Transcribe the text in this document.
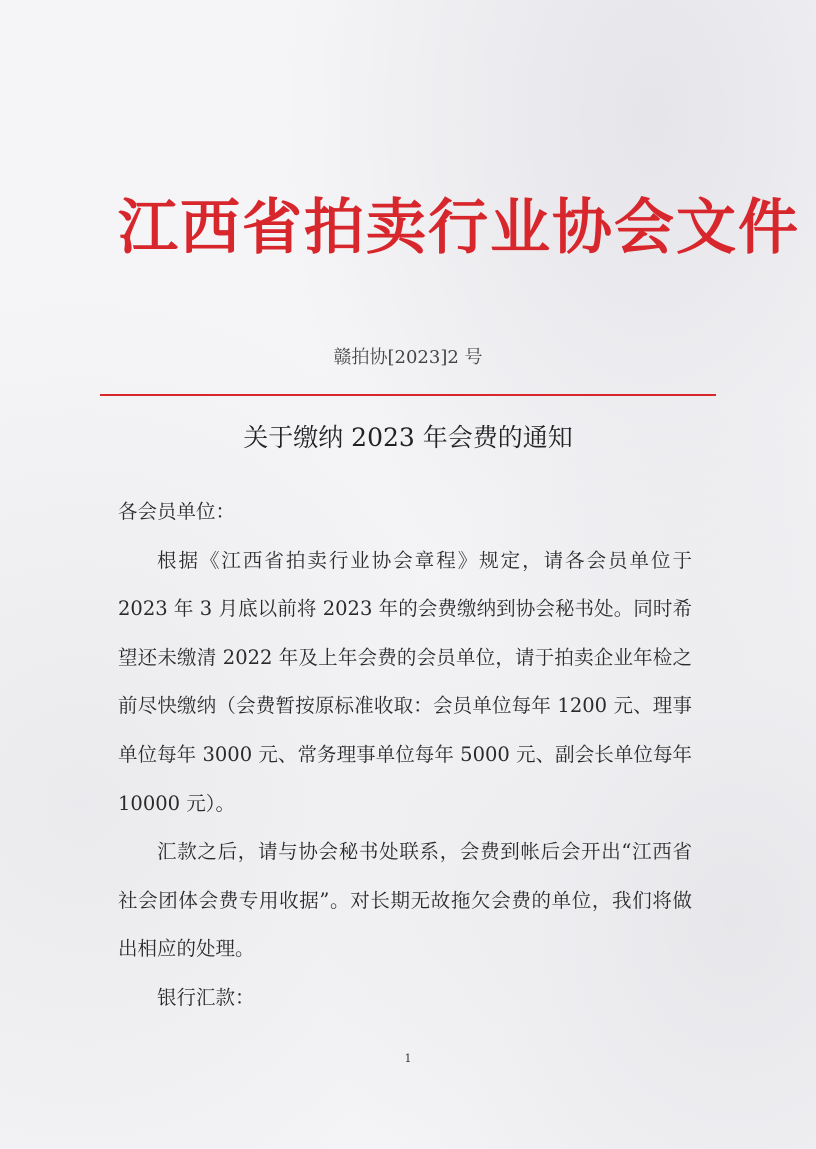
江西省拍卖行业协会文件
赣拍协[2023]2 号
关于缴纳 2023 年会费的通知

各会员单位：

根据《江西省拍卖行业协会章程》规定，请各会员单位于 2023 年 3 月底以前将 2023 年的会费缴纳到协会秘书处。同时希望还未缴清 2022 年及上年会费的会员单位，请于拍卖企业年检之前尽快缴纳（会费暂按原标准收取：会员单位每年 1200 元、理事单位每年 3000 元、常务理事单位每年 5000 元、副会长单位每年 10000 元）。

汇款之后，请与协会秘书处联系，会费到帐后会开出“江西省社会团体会费专用收据”。对长期无故拖欠会费的单位，我们将做出相应的处理。

银行汇款：

1
